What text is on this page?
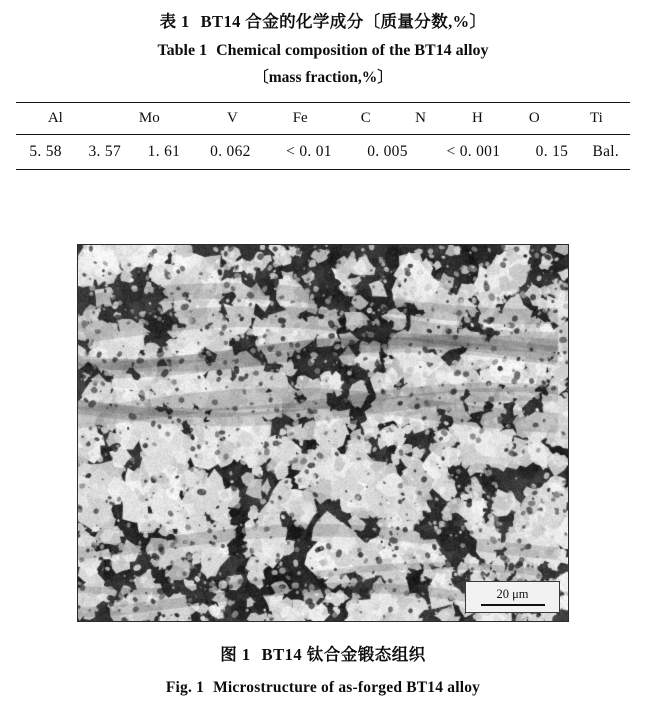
表 1 BT14 合金的化学成分〔质量分数,%〕
Table 1 Chemical composition of the BT14 alloy
〔mass fraction,%〕
Al	Mo	V	Fe	C	N	H	O	Ti
5. 58	3. 57	1. 61	0. 062	< 0. 01	0. 005	< 0. 001	0. 15	Bal.
20 μm
图 1 BT14 钛合金锻态组织
Fig. 1 Microstructure of as-forged BT14 alloy
